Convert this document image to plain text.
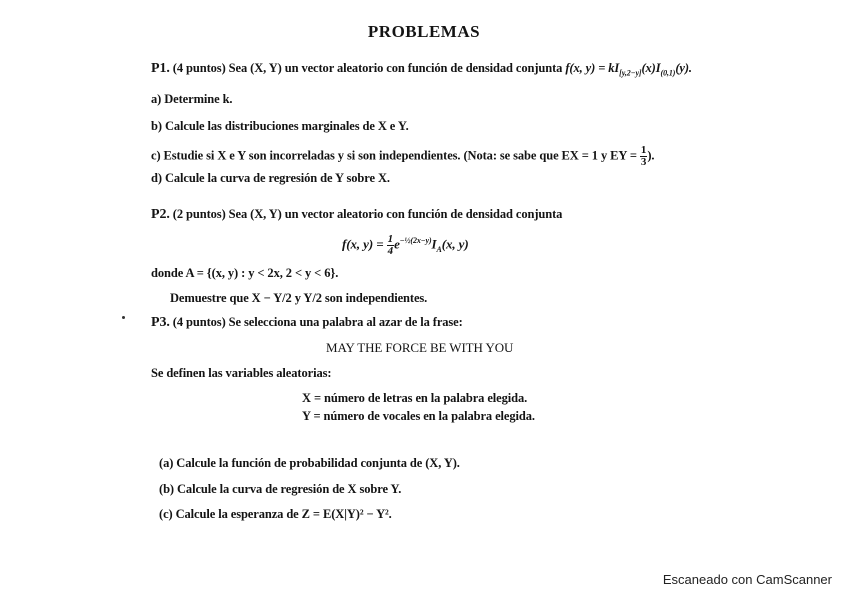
PROBLEMAS
P1. (4 puntos) Sea (X, Y) un vector aleatorio con función de densidad conjunta f(x, $y) = kI_{[y,2-y]}(x)I_{(0,1)}(y)$.
a) Determine k.
b) Calcule las distribuciones marginales de X e Y.
c) Estudie si X e Y son incorreladas y si son independientes. (Nota: se sabe que EX = 1 y EY = $\frac{1}{3}$ ).
d) Calcule la curva de regresión de Y sobre X.
P2. (2 puntos) Sea (X, Y) un vector aleatorio con función de densidad conjunta
f(x, $y) = \frac{1}{4} e^{-\frac{1}{2}(2x-y)}I_A(x$, y)
donde A = {(x, y) : y < 2x, 2 < y < 6}.
Demuestre que X − Y/2 y Y/2 son independientes.
P3. (4 puntos) Se selecciona una palabra al azar de la frase:
MAY THE FORCE BE WITH YOU
Se definen las variables aleatorias:
X = número de letras en la palabra elegida.
Y = número de vocales en la palabra elegida.
(a) Calcule la función de probabilidad conjunta de (X, Y).
(b) Calcule la curva de regresión de X sobre Y.
(c) Calcule la esperanza de Z = E(X|Y)² − Y².
Escaneado con CamScanner
